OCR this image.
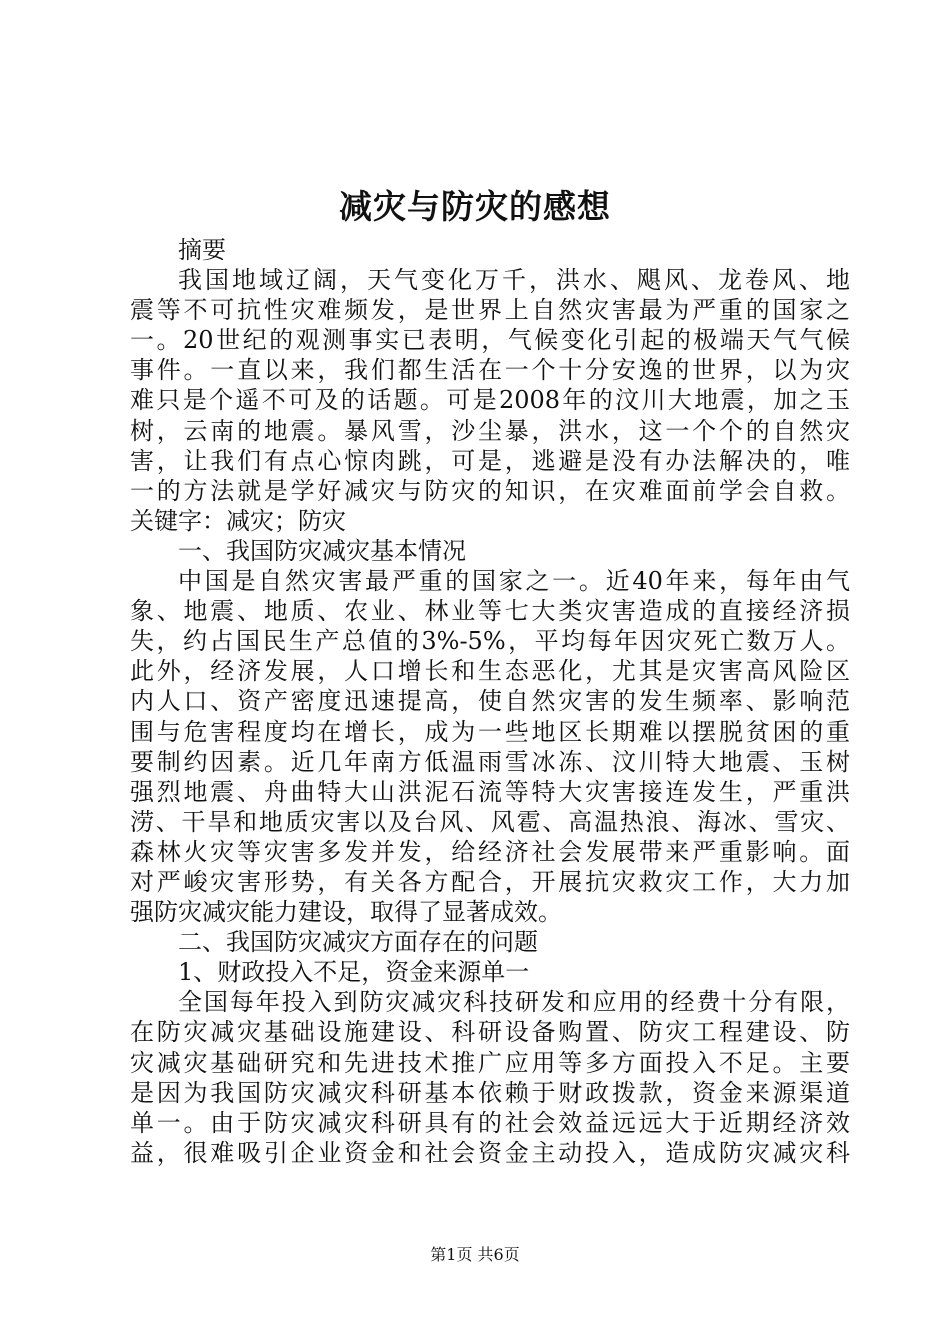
减灾与防灾的感想
摘要
我国地域辽阔，天气变化万千，洪水、飓风、龙卷风、地
震等不可抗性灾难频发，是世界上自然灾害最为严重的国家之
一。20世纪的观测事实已表明，气候变化引起的极端天气气候
事件。一直以来，我们都生活在一个十分安逸的世界，以为灾
难只是个遥不可及的话题。可是2008年的汶川大地震，加之玉
树，云南的地震。暴风雪，沙尘暴，洪水，这一个个的自然灾
害，让我们有点心惊肉跳，可是，逃避是没有办法解决的，唯
一的方法就是学好减灾与防灾的知识，在灾难面前学会自救。
关键字：减灾；防灾
一、我国防灾减灾基本情况
中国是自然灾害最严重的国家之一。近40年来，每年由气
象、地震、地质、农业、林业等七大类灾害造成的直接经济损
失，约占国民生产总值的3%-5%，平均每年因灾死亡数万人。
此外，经济发展，人口增长和生态恶化，尤其是灾害高风险区
内人口、资产密度迅速提高，使自然灾害的发生频率、影响范
围与危害程度均在增长，成为一些地区长期难以摆脱贫困的重
要制约因素。近几年南方低温雨雪冰冻、汶川特大地震、玉树
强烈地震、舟曲特大山洪泥石流等特大灾害接连发生，严重洪
涝、干旱和地质灾害以及台风、风雹、高温热浪、海冰、雪灾、
森林火灾等灾害多发并发，给经济社会发展带来严重影响。面
对严峻灾害形势，有关各方配合，开展抗灾救灾工作，大力加
强防灾减灾能力建设，取得了显著成效。
二、我国防灾减灾方面存在的问题
1、财政投入不足，资金来源单一
全国每年投入到防灾减灾科技研发和应用的经费十分有限，
在防灾减灾基础设施建设、科研设备购置、防灾工程建设、防
灾减灾基础研究和先进技术推广应用等多方面投入不足。主要
是因为我国防灾减灾科研基本依赖于财政拨款，资金来源渠道
单一。由于防灾减灾科研具有的社会效益远远大于近期经济效
益，很难吸引企业资金和社会资金主动投入，造成防灾减灾科
第1页 共6页
